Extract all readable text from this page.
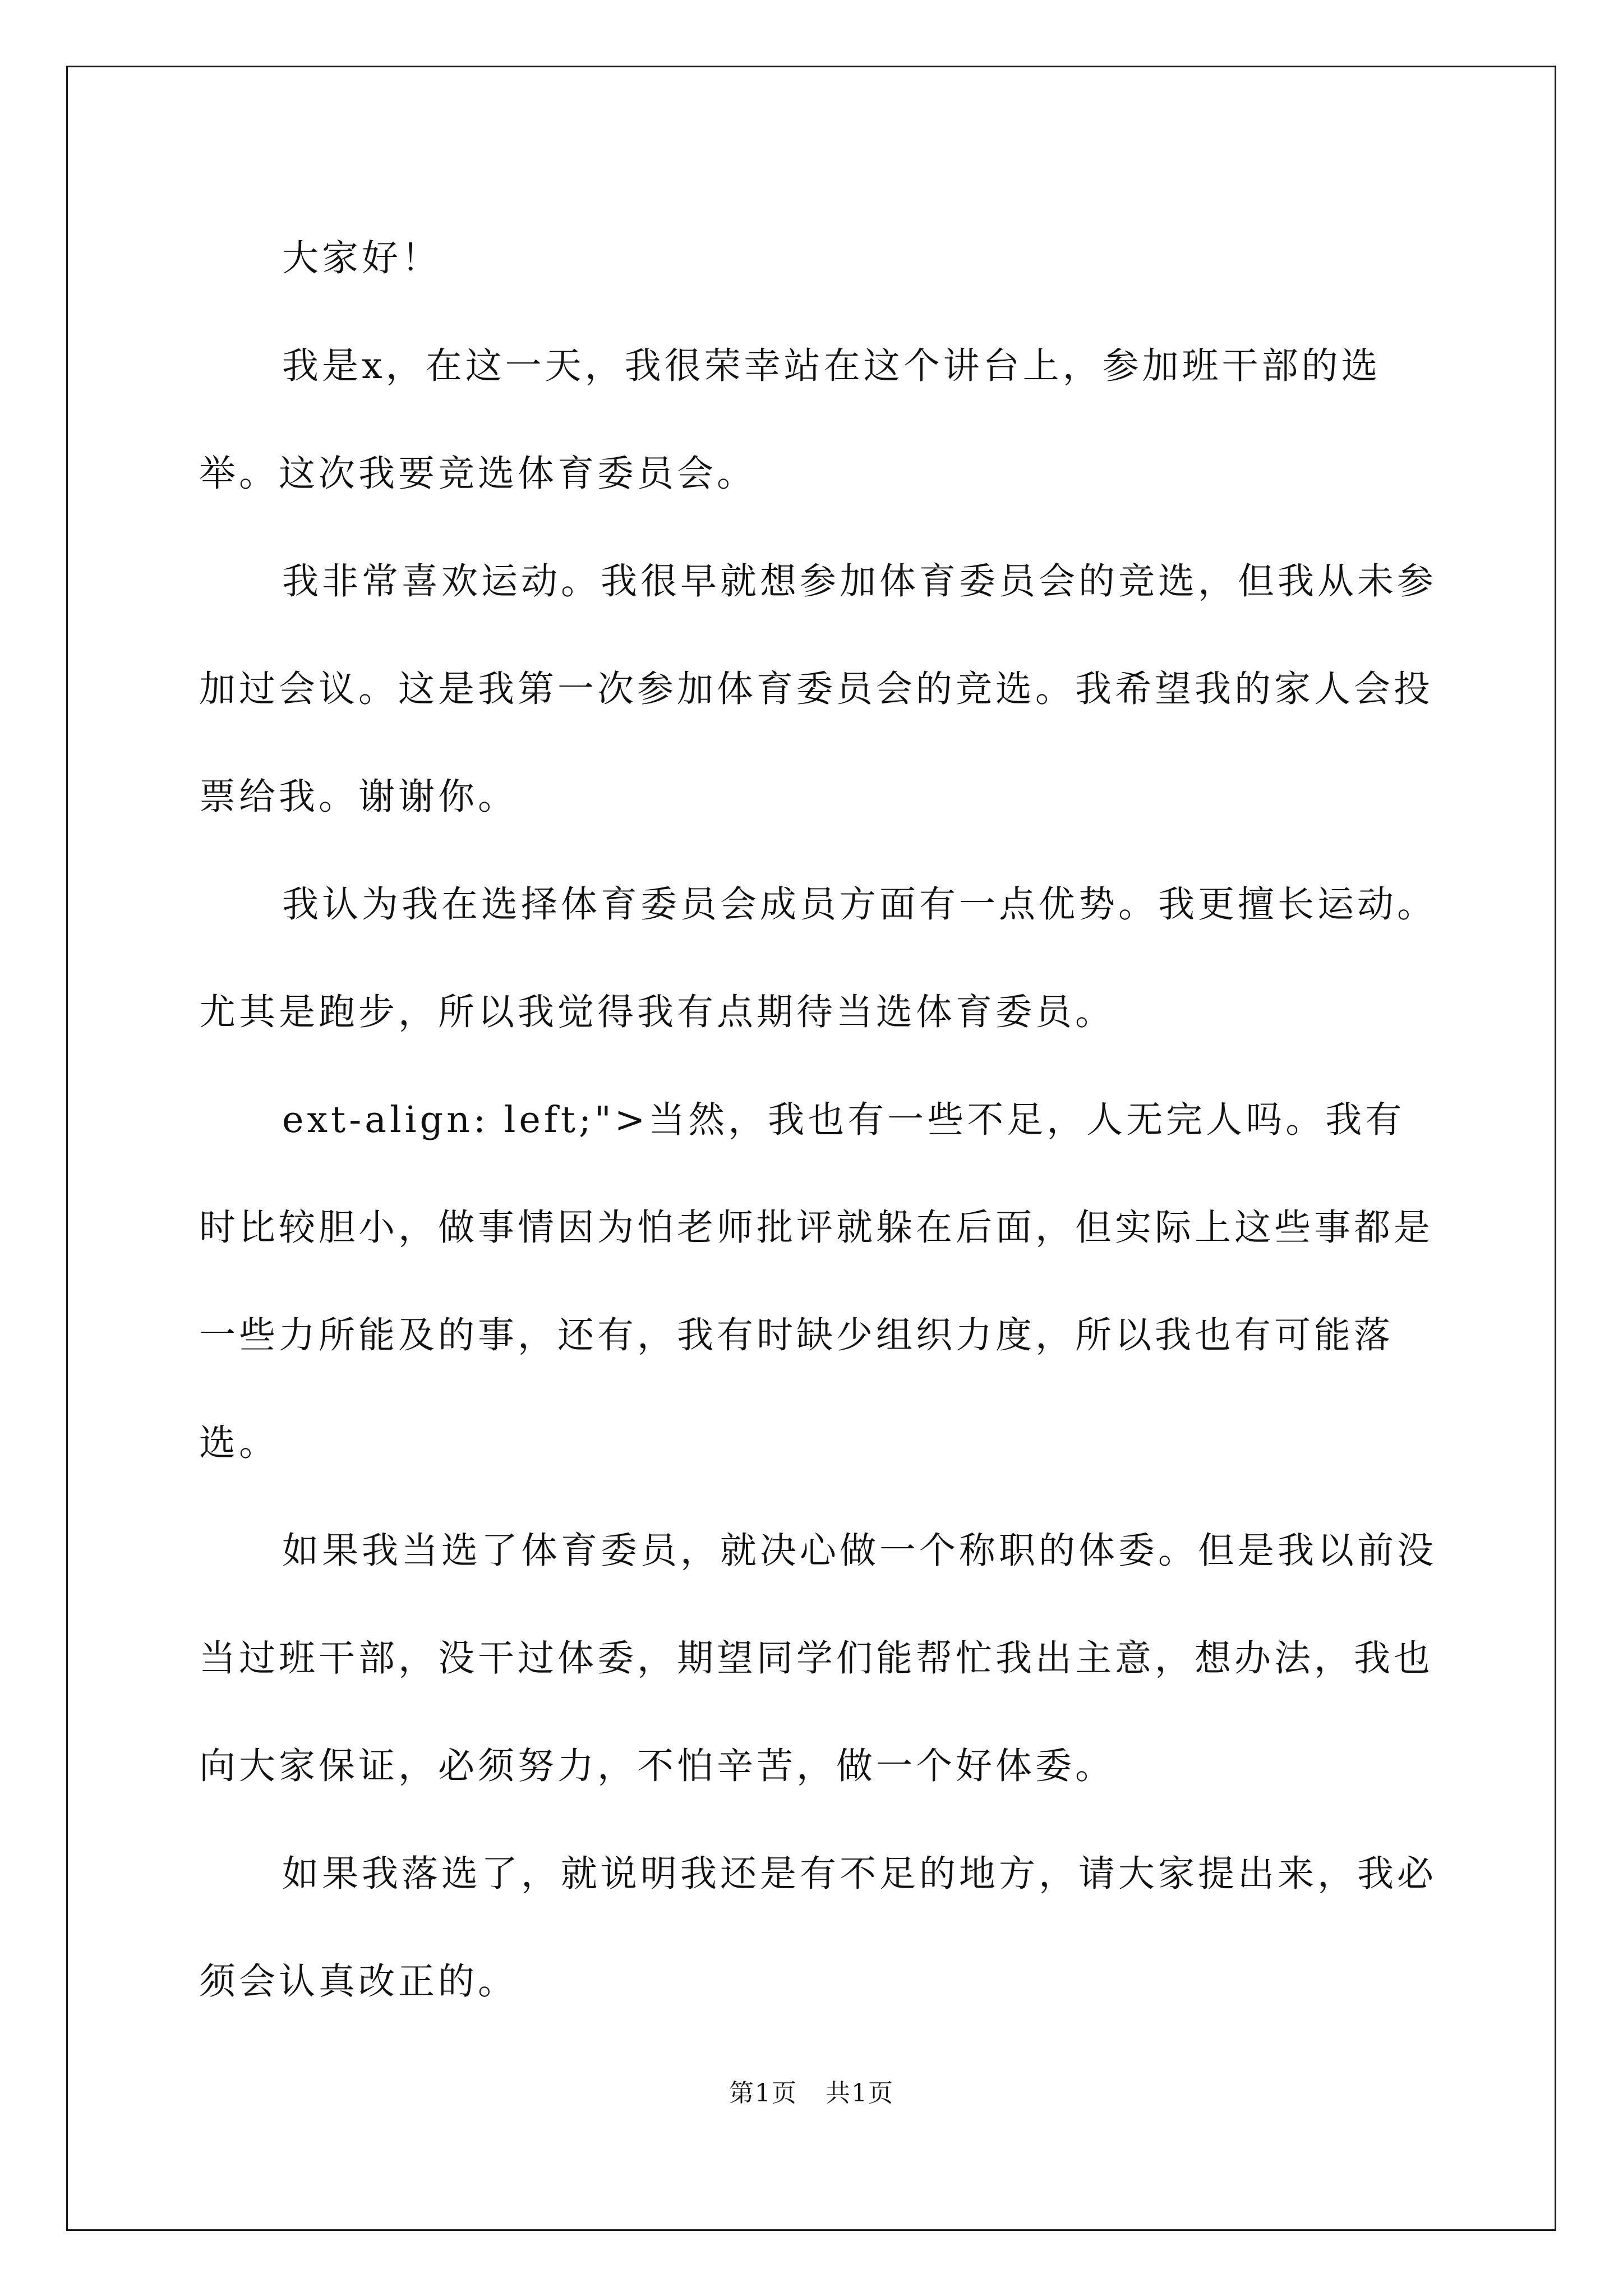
大家好！

我是x，在这一天，我很荣幸站在这个讲台上，参加班干部的选举。这次我要竞选体育委员会。

我非常喜欢运动。我很早就想参加体育委员会的竞选，但我从未参加过会议。这是我第一次参加体育委员会的竞选。我希望我的家人会投票给我。谢谢你。

我认为我在选择体育委员会成员方面有一点优势。我更擅长运动。尤其是跑步，所以我觉得我有点期待当选体育委员。

ext-align: left;">当然，我也有一些不足，人无完人吗。我有时比较胆小，做事情因为怕老师批评就躲在后面，但实际上这些事都是一些力所能及的事，还有，我有时缺少组织力度，所以我也有可能落选。

如果我当选了体育委员，就决心做一个称职的体委。但是我以前没当过班干部，没干过体委，期望同学们能帮忙我出主意，想办法，我也向大家保证，必须努力，不怕辛苦，做一个好体委。

如果我落选了，就说明我还是有不足的地方，请大家提出来，我必须会认真改正的。

第1页 共1页
